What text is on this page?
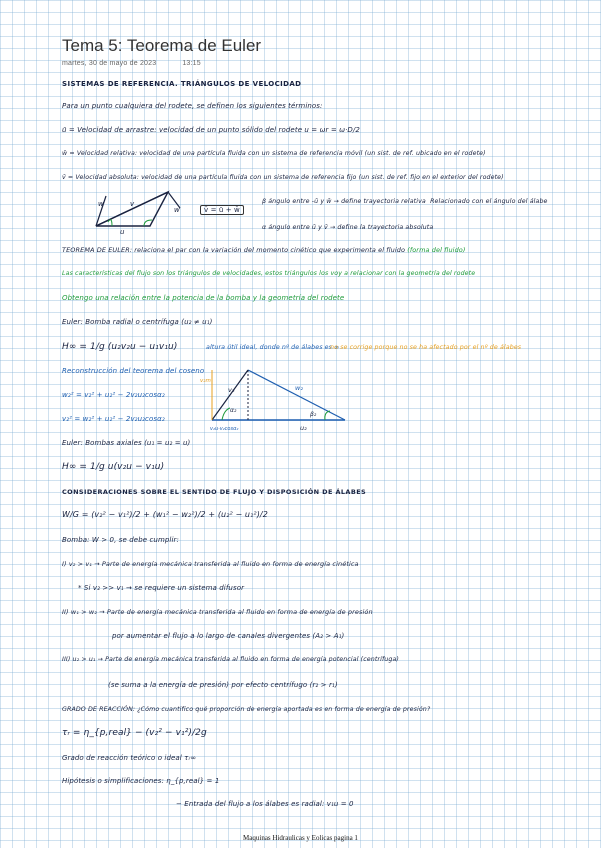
Tema 5: Teorema de Euler
martes, 30 de mayo de 2023	13:15
SISTEMAS DE REFERENCIA. TRIÁNGULOS DE VELOCIDAD
Para un punto cualquiera del rodete, se definen los siguientes términos:
ū = Velocidad de arrastre: velocidad de un punto sólido del rodete u = ωr = ω·D/2
w̄ = Velocidad relativa: velocidad de una partícula fluida con un sistema de referencia móvil (un sist. de ref. ubicado en el rodete)
v̄ = Velocidad absoluta: velocidad de una partícula fluida con un sistema de referencia fijo (un sist. de ref. fijo en el exterior del rodete)
w	v
w
u
v̄ = ū + w̄
β ángulo entre -ū y w̄ → define trayectoria relativa Relacionado con el ángulo del álabe
α ángulo entre ū y v̄ → define la trayectoria absoluta
TEOREMA DE EULER: relaciona el par con la variación del momento cinético que experimenta el fluido (forma del fluido)
Las características del flujo son los triángulos de velocidades, estos triángulos los voy a relacionar con la geometría del rodete
Obtengo una relación entre la potencia de la bomba y la geometría del rodete
Euler: Bomba radial o centrífuga (u₂ ≠ u₁)
H∞ = 1/g (u₂v₂u − u₁v₁u)	altura útil ideal, donde nº de álabes es ∞
no se corrige porque no se ha afectado por el nº de álabes
Reconstrucción del teorema del coseno
w₂² = v₂² + u₂² − 2v₂u₂cosα₂
v₂² = w₂² + u₂² − 2v₂u₂cosα₂
v₂	w₂
α₂
β₂
u₂
v₂m
v₂u·v₂cosα₂
Euler: Bombas axiales (u₁ = u₂ = u)
H∞ = 1/g u(v₂u − v₁u)
CONSIDERACIONES SOBRE EL SENTIDO DE FLUJO Y DISPOSICIÓN DE ÁLABES
W/G = (v₂² − v₁²)/2 + (w₁² − w₂²)/2 + (u₂² − u₁²)/2
Bomba: W > 0, se debe cumplir:
I) v₂ > v₁ → Parte de energía mecánica transferida al fluido en forma de energía cinética
* Si v₂ >> v₁ → se requiere un sistema difusor
II) w₁ > w₂ → Parte de energía mecánica transferida al fluido en forma de energía de presión
por aumentar el flujo a lo largo de canales divergentes (A₂ > A₁)
III) u₂ > u₁ → Parte de energía mecánica transferida al fluido en forma de energía potencial (centrífuga)
(se suma a la energía de presión) por efecto centrífugo (r₂ > r₁)
GRADO DE REACCIÓN: ¿Cómo cuantifico qué proporción de energía aportada es en forma de energía de presión?
τᵣ = η_{p,real} − (v₂² − v₁²)/2g
Grado de reacción teórico o ideal τᵣ∞
Hipótesis o simplificaciones: η_{p,real} = 1
− Entrada del flujo a los álabes es radial: v₁u = 0
Maquinas Hidraulicas y Eolicas pagina 1
